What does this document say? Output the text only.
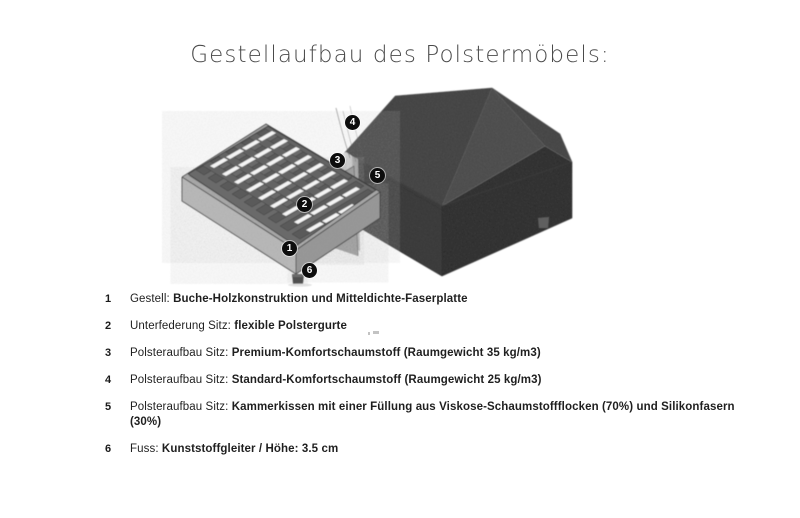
Gestellaufbau des Polstermöbels:
1
2
3
4
5
6
1	Gestell: Buche-Holzkonstruktion und Mitteldichte-Faserplatte
2	Unterfederung Sitz: flexible Polstergurte
3	Polsteraufbau Sitz: Premium-Komfortschaumstoff (Raumgewicht 35 kg/m3)
4	Polsteraufbau Sitz: Standard-Komfortschaumstoff (Raumgewicht 25 kg/m3)
5	Polsteraufbau Sitz: Kammerkissen mit einer Füllung aus Viskose-Schaumstoffflocken (70%) und Silikonfasern (30%)
6	Fuss: Kunststoffgleiter / Höhe: 3.5 cm
